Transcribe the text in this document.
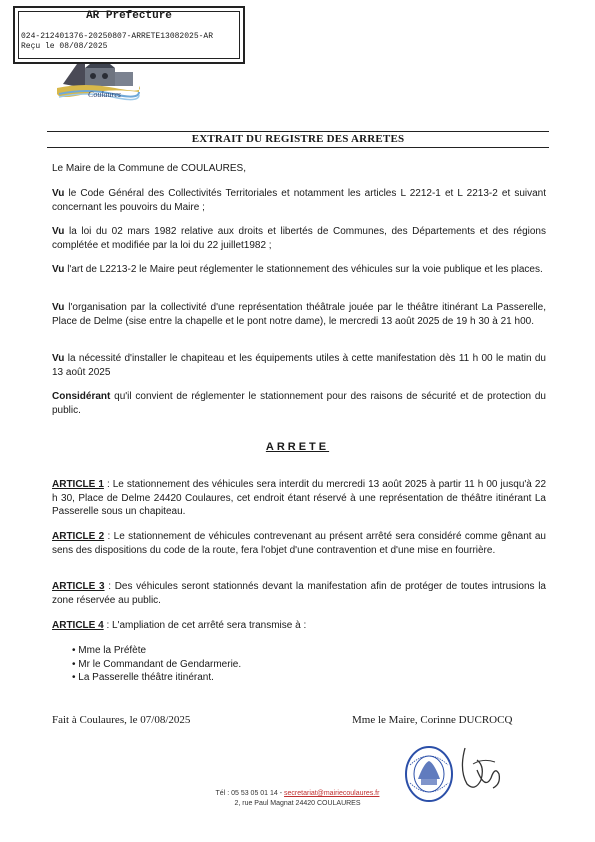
AR Prefecture
024-212401376-20250807-ARRETE13082025-AR
Reçu le 08/08/2025
Coulaures
EXTRAIT DU REGISTRE DES ARRETES
Le Maire de la Commune de COULAURES,
Vu le Code Général des Collectivités Territoriales et notamment les articles L 2212-1 et L 2213-2 et suivant concernant les pouvoirs du Maire ;
Vu la loi du 02 mars 1982 relative aux droits et libertés de Communes, des Départements et des régions complétée et modifiée par la loi du 22 juillet1982 ;
Vu l'art de L2213-2 le Maire peut réglementer le stationnement des véhicules sur la voie publique et les places.
Vu l'organisation par la collectivité d'une représentation théâtrale jouée par le théâtre itinérant La Passerelle, Place de Delme (sise entre la chapelle et le pont notre dame), le mercredi 13 août 2025 de 19 h 30 à 21 h00.
Vu la nécessité d'installer le chapiteau et les équipements utiles à cette manifestation dès 11 h 00 le matin du 13 août 2025
Considérant qu'il convient de réglementer le stationnement pour des raisons de sécurité et de protection du public.
ARRETE
ARTICLE 1 : Le stationnement des véhicules sera interdit du mercredi 13 août 2025 à partir 11 h 00 jusqu'à 22 h 30, Place de Delme 24420 Coulaures, cet endroit étant réservé à une représentation de théâtre itinérant La Passerelle sous un chapiteau.
ARTICLE 2 : Le stationnement de véhicules contrevenant au présent arrêté sera considéré comme gênant au sens des dispositions du code de la route, fera l'objet d'une contravention et d'une mise en fourrière.
ARTICLE 3 : Des véhicules seront stationnés devant la manifestation afin de protéger de toutes intrusions la zone réservée au public.
ARTICLE 4 : L'ampliation de cet arrêté sera transmise à :
• Mme la Préfète
• Mr le Commandant de Gendarmerie.
• La Passerelle théâtre itinérant.
Fait à Coulaures, le 07/08/2025	Mme le Maire, Corinne DUCROCQ
Tél : 05 53 05 01 14 - secretariat@mairiecoulaures.fr
2, rue Paul Magnat 24420 COULAURES
